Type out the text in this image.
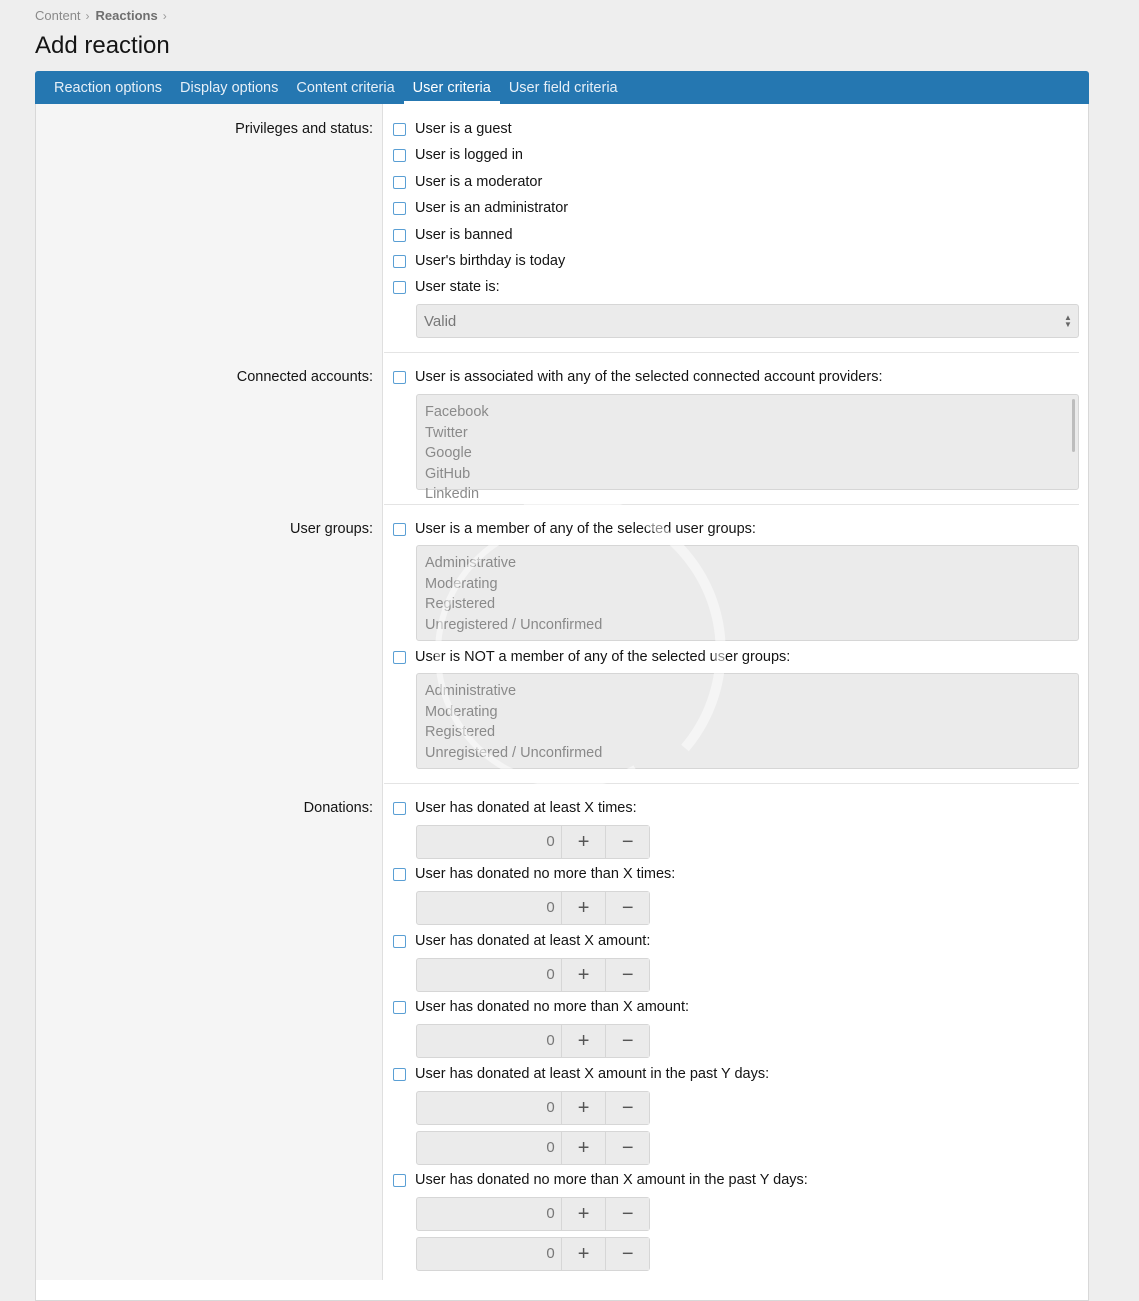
Content › Reactions ›
Add reaction
Reaction options	Display options	Content criteria	User criteria	User field criteria
Privileges and status:	User is a guest
User is logged in
User is a moderator
User is an administrator
User is banned
User's birthday is today
User state is:
Valid	▲
▼
Connected accounts:	User is associated with any of the selected connected account providers:
Facebook
Twitter
Google
GitHub
Linkedin
User groups:	User is a member of any of the selected user groups:
Administrative
Moderating
Registered
Unregistered / Unconfirmed
User is NOT a member of any of the selected user groups:
Administrative
Moderating
Registered
Unregistered / Unconfirmed
Donations:	User has donated at least X times:
0	+	−
User has donated no more than X times:
0	+	−
User has donated at least X amount:
0	+	−
User has donated no more than X amount:
0	+	−
User has donated at least X amount in the past Y days:
0	+	−
0	+	−
User has donated no more than X amount in the past Y days:
0	+	−
0	+	−
